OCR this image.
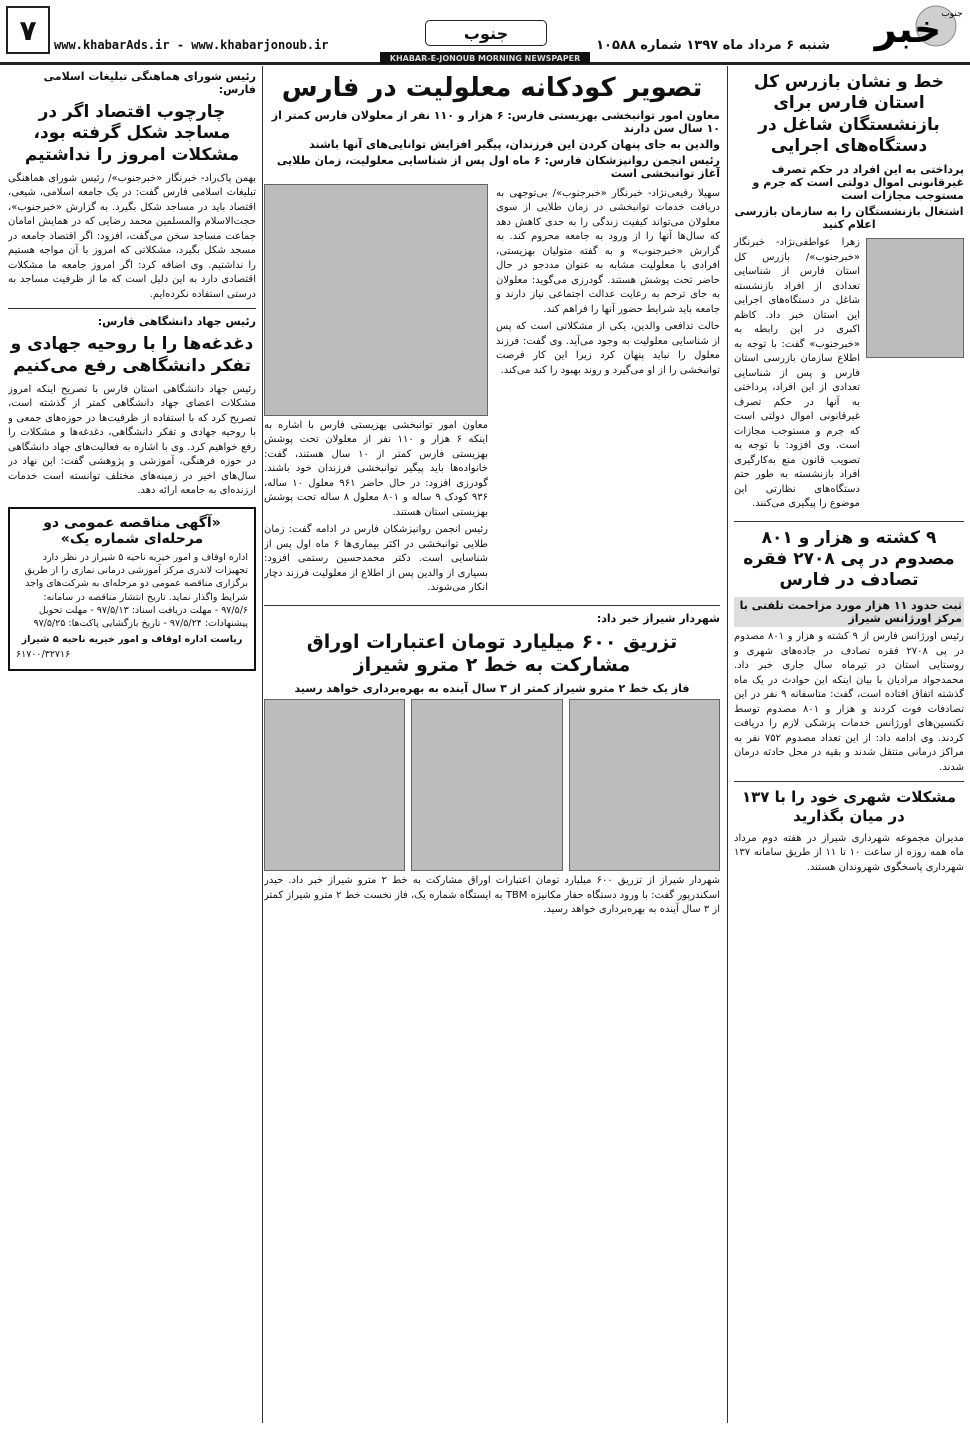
خبر جنوب
شنبه ۶ مرداد ماه ۱۳۹۷ شماره ۱۰۵۸۸
جنوب
KHABAR-E-JONOUB MORNING NEWSPAPER
www.khabarAds.ir - www.khabarjonoub.ir
۷
خط و نشان بازرس کل استان فارس برای بازنشستگان شاغل در دستگاه‌های اجرایی
پرداختی به این افراد در حکم تصرف غیرقانونی اموال دولتی است که جرم و مستوجب مجازات است
اشتغال بازنشستگان را به سازمان بازرسی اعلام کنید
زهرا عواطفی‌نژاد- خبرنگار «خبرجنوب»/ بازرس کل استان فارس از شناسایی تعدادی از افراد بازنشسته شاغل در دستگاه‌های اجرایی این استان خبر داد. کاظم اکبری در این رابطه به «خبرجنوب» گفت: با توجه به اطلاع سازمان بازرسی استان فارس و پس از شناسایی تعدادی از این افراد، پرداختی به آنها در حکم تصرف غیرقانونی اموال دولتی است که جرم و مستوجب مجازات است. وی افزود: با توجه به تصویب قانون منع به‌کارگیری افراد بازنشسته به طور حتم دستگاه‌های نظارتی این موضوع را پیگیری می‌کنند.
۹ کشته و هزار و ۸۰۱ مصدوم در پی ۲۷۰۸ فقره تصادف در فارس
ثبت حدود ۱۱ هزار مورد مزاحمت تلفنی با مرکز اورژانس شیراز
رئیس اورژانس فارس از ۹ کشته و هزار و ۸۰۱ مصدوم در پی ۲۷۰۸ فقره تصادف در جاده‌های شهری و روستایی استان در تیرماه سال جاری خبر داد. محمدجواد مرادیان با بیان اینکه این حوادث در یک ماه گذشته اتفاق افتاده است، گفت: متاسفانه ۹ نفر در این تصادفات فوت کردند و هزار و ۸۰۱ مصدوم توسط تکنسین‌های اورژانس خدمات پزشکی لازم را دریافت کردند. وی ادامه داد: از این تعداد مصدوم ۷۵۲ نفر به مراکز درمانی منتقل شدند و بقیه در محل حادثه درمان شدند.
مشکلات شهری خود را با ۱۳۷ در میان بگذارید
مدیران مجموعه شهرداری شیراز در هفته دوم مرداد ماه همه روزه از ساعت ۱۰ تا ۱۱ از طریق سامانه ۱۳۷ شهرداری پاسخگوی شهروندان هستند.
تصویر کودکانه معلولیت در فارس
معاون امور توانبخشی بهزیستی فارس: ۶ هزار و ۱۱۰ نفر از معلولان فارس کمتر از ۱۰ سال سن دارند
والدین به جای پنهان کردن این فرزندان، پیگیر افزایش توانایی‌های آنها باشند
رئیس انجمن روانپزشکان فارس: ۶ ماه اول پس از شناسایی معلولیت، زمان طلایی آغاز توانبخشی است
سهیلا رفیعی‌نژاد- خبرنگار «خبرجنوب»/ بی‌توجهی به دریافت خدمات توانبخشی در زمان طلایی از سوی معلولان می‌تواند کیفیت زندگی را به حدی کاهش دهد که سال‌ها آنها را از ورود به جامعه محروم کند. به گزارش «خبرجنوب» و به گفته متولیان بهزیستی، افرادی با معلولیت مشابه به عنوان مددجو در حال حاضر تحت پوشش هستند. گودرزی می‌گوید: معلولان به جای ترحم به رعایت عدالت اجتماعی نیاز دارند و جامعه باید شرایط حضور آنها را فراهم کند.
حالت تدافعی والدین، یکی از مشکلاتی است که پس از شناسایی معلولیت به وجود می‌آید. وی گفت: فرزند معلول را نباید پنهان کرد زیرا این کار فرصت توانبخشی را از او می‌گیرد و روند بهبود را کند می‌کند.
معاون امور توانبخشی بهزیستی فارس با اشاره به اینکه ۶ هزار و ۱۱۰ نفر از معلولان تحت پوشش بهزیستی فارس کمتر از ۱۰ سال هستند، گفت: خانواده‌ها باید پیگیر توانبخشی فرزندان خود باشند. گودرزی افزود: در حال حاضر ۹۶۱ معلول ۱۰ ساله، ۹۳۶ کودک ۹ ساله و ۸۰۱ معلول ۸ ساله تحت پوشش بهزیستی استان هستند.
رئیس انجمن روانپزشکان فارس در ادامه گفت: زمان طلایی توانبخشی در اکثر بیماری‌ها ۶ ماه اول پس از شناسایی است. دکتر محمدحسین رستمی افزود: بسیاری از والدین پس از اطلاع از معلولیت فرزند دچار انکار می‌شوند.
شهردار شیراز خبر داد:
تزریق ۶۰۰ میلیارد تومان اعتبارات اوراق مشارکت به خط ۲ مترو شیراز
فاز یک خط ۲ مترو شیراز کمتر از ۳ سال آینده به بهره‌برداری خواهد رسید
شهردار شیراز از تزریق ۶۰۰ میلیارد تومان اعتبارات اوراق مشارکت به خط ۲ مترو شیراز خبر داد. حیدر اسکندرپور گفت: با ورود دستگاه حفار مکانیزه TBM به ایستگاه شماره یک، فاز نخست خط ۲ مترو شیراز کمتر از ۳ سال آینده به بهره‌برداری خواهد رسید.
رئیس شورای هماهنگی تبلیغات اسلامی فارس:
چارچوب اقتصاد اگر در مساجد شکل گرفته بود، مشکلات امروز را نداشتیم
بهمن پاک‌راد- خبرنگار «خبرجنوب»/ رئیس شورای هماهنگی تبلیغات اسلامی فارس گفت: در یک جامعه اسلامی، شیعی، اقتصاد باید در مساجد شکل بگیرد. به گزارش «خبرجنوب»، حجت‌الاسلام والمسلمین محمد رضایی که در همایش امامان جماعت مساجد سخن می‌گفت، افزود: اگر اقتصاد جامعه در مسجد شکل بگیرد، مشکلاتی که امروز با آن مواجه هستیم را نداشتیم. وی اضافه کرد: اگر امروز جامعه ما مشکلات اقتصادی دارد به این دلیل است که ما از ظرفیت مساجد به درستی استفاده نکرده‌ایم.
رئیس جهاد دانشگاهی فارس:
دغدغه‌ها را با روحیه جهادی و تفکر دانشگاهی رفع می‌کنیم
رئیس جهاد دانشگاهی استان فارس با تصریح اینکه امروز مشکلات اعضای جهاد دانشگاهی کمتر از گذشته است، تصریح کرد که با استفاده از ظرفیت‌ها در حوزه‌های جمعی و با روحیه جهادی و تفکر دانشگاهی، دغدغه‌ها و مشکلات را رفع خواهیم کرد. وی با اشاره به فعالیت‌های جهاد دانشگاهی در حوزه فرهنگی، آموزشی و پژوهشی گفت: این نهاد در سال‌های اخیر در زمینه‌های مختلف توانسته است خدمات ارزنده‌ای به جامعه ارائه دهد.
«آگهی مناقصه عمومی دو مرحله‌ای شماره یک»

اداره اوقاف و امور خیریه ناحیه ۵ شیراز در نظر دارد تجهیزات لاندری مرکز آموزشی درمانی نمازی را از طریق برگزاری مناقصه عمومی دو مرحله‌ای به شرکت‌های واجد شرایط واگذار نماید. تاریخ انتشار مناقصه در سامانه: ۹۷/۵/۶ - مهلت دریافت اسناد: ۹۷/۵/۱۳ - مهلت تحویل پیشنهادات: ۹۷/۵/۲۴ - تاریخ بازگشایی پاکت‌ها: ۹۷/۵/۲۵

ریاست اداره اوقاف و امور خیریه ناحیه ۵ شیراز

۶۱۷۰۰/۳۲۷۱۶
